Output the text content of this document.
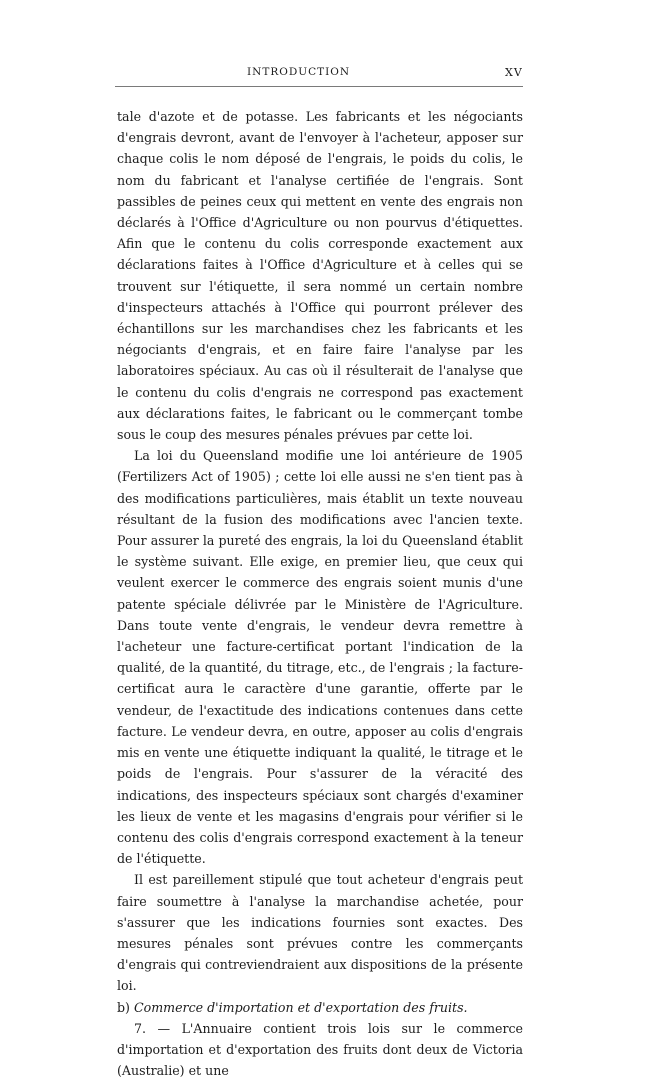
INTRODUCTION	XV

tale d'azote et de potasse. Les fabricants et les négociants d'engrais devront, avant de l'envoyer à l'acheteur, apposer sur chaque colis le nom déposé de l'engrais, le poids du colis, le nom du fabricant et l'analyse certifiée de l'engrais. Sont passibles de peines ceux qui mettent en vente des engrais non déclarés à l'Office d'Agriculture ou non pourvus d'étiquettes. Afin que le contenu du colis corresponde exactement aux déclarations faites à l'Office d'Agriculture et à celles qui se trouvent sur l'étiquette, il sera nommé un certain nombre d'inspecteurs attachés à l'Office qui pourront prélever des échantillons sur les marchandises chez les fabricants et les négociants d'engrais, et en faire faire l'analyse par les laboratoires spéciaux. Au cas où il résulterait de l'analyse que le contenu du colis d'engrais ne correspond pas exactement aux déclarations faites, le fabricant ou le commerçant tombe sous le coup des mesures pénales prévues par cette loi.

La loi du Queensland modifie une loi antérieure de 1905 (Fertilizers Act of 1905) ; cette loi elle aussi ne s'en tient pas à des modifications particulières, mais établit un texte nouveau résultant de la fusion des modifications avec l'ancien texte. Pour assurer la pureté des engrais, la loi du Queensland établit le système suivant. Elle exige, en premier lieu, que ceux qui veulent exercer le commerce des engrais soient munis d'une patente spéciale délivrée par le Ministère de l'Agriculture. Dans toute vente d'engrais, le vendeur devra remettre à l'acheteur une facture-certificat portant l'indication de la qualité, de la quantité, du titrage, etc., de l'engrais ; la facture-certificat aura le caractère d'une garantie, offerte par le vendeur, de l'exactitude des indications contenues dans cette facture. Le vendeur devra, en outre, apposer au colis d'engrais mis en vente une étiquette indiquant la qualité, le titrage et le poids de l'engrais. Pour s'assurer de la véracité des indications, des inspecteurs spéciaux sont chargés d'examiner les lieux de vente et les magasins d'engrais pour vérifier si le contenu des colis d'engrais correspond exactement à la teneur de l'étiquette.

Il est pareillement stipulé que tout acheteur d'engrais peut faire soumettre à l'analyse la marchandise achetée, pour s'assurer que les indications fournies sont exactes. Des mesures pénales sont prévues contre les commerçants d'engrais qui contreviendraient aux dispositions de la présente loi.

b) Commerce d'importation et d'exportation des fruits.

7. — L'Annuaire contient trois lois sur le commerce d'importation et d'exportation des fruits dont deux de Victoria (Australie) et une
